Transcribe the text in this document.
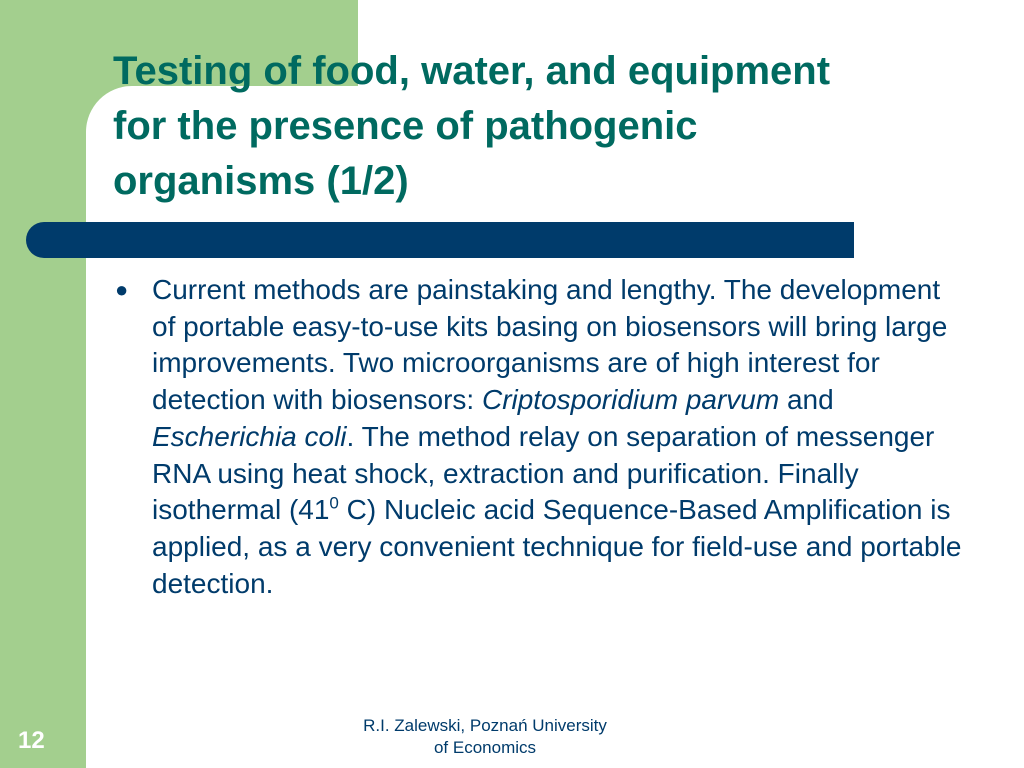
Testing of food, water, and equipment for the presence of pathogenic organisms (1/2)
● Current methods are painstaking and lengthy. The development of portable easy-to-use kits basing on biosensors will bring large improvements. Two microorganisms are of high interest for detection with biosensors: Criptosporidium parvum and Escherichia coli. The method relay on separation of messenger RNA using heat shock, extraction and purification. Finally isothermal ($41^0$ C) Nucleic acid Sequence-Based Amplification is applied, as a very convenient technique for field-use and portable detection.

R.I. Zalewski, Poznań University
of Economics
12
